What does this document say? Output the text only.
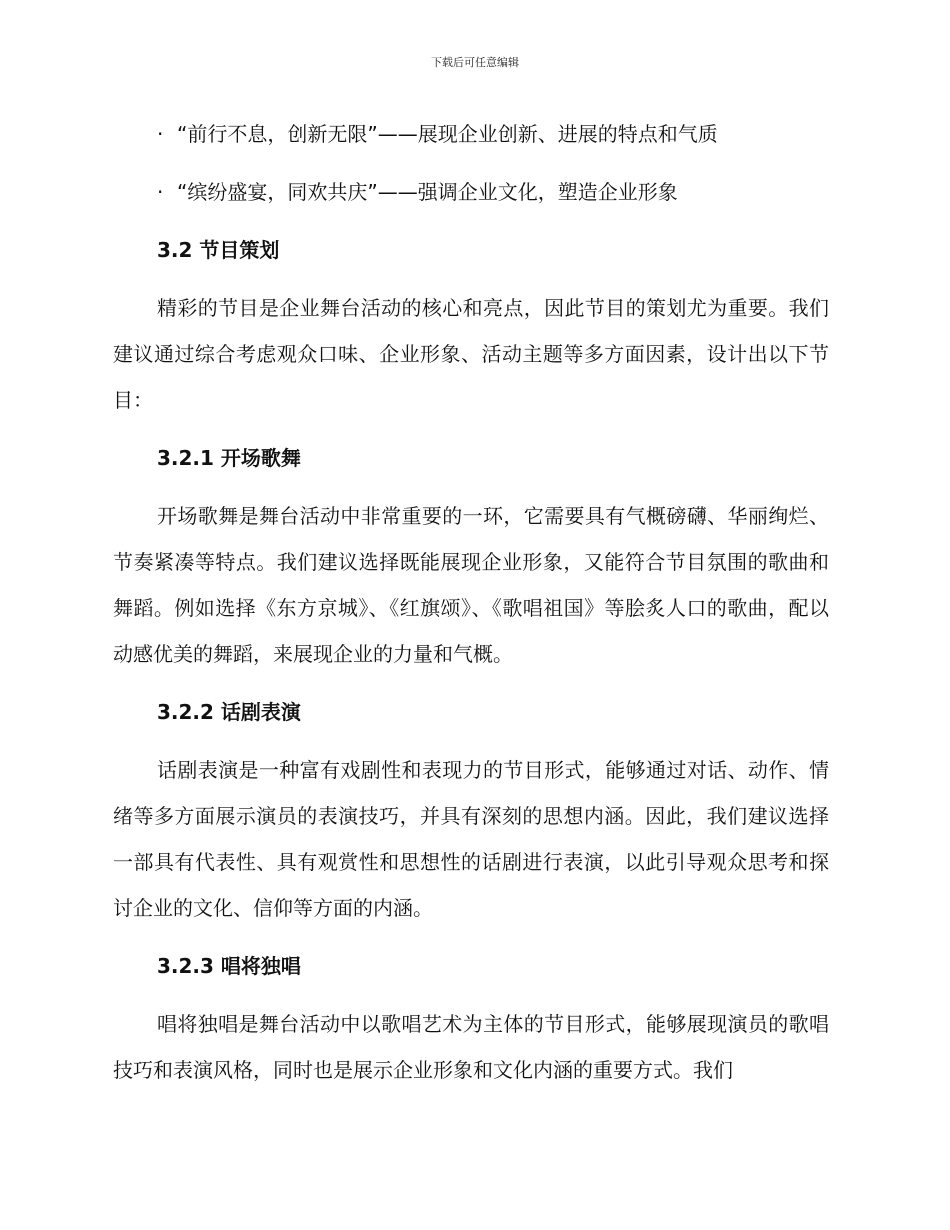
下载后可任意编辑
· “前行不息，创新无限”——展现企业创新、进展的特点和气质
· “缤纷盛宴，同欢共庆”——强调企业文化，塑造企业形象
3.2 节目策划

精彩的节目是企业舞台活动的核心和亮点，因此节目的策划尤为重要。我们建议通过综合考虑观众口味、企业形象、活动主题等多方面因素，设计出以下节目：

3.2.1 开场歌舞

开场歌舞是舞台活动中非常重要的一环，它需要具有气概磅礴、华丽绚烂、节奏紧凑等特点。我们建议选择既能展现企业形象，又能符合节目氛围的歌曲和舞蹈。例如选择《东方京城》、《红旗颂》、《歌唱祖国》等脍炙人口的歌曲，配以动感优美的舞蹈，来展现企业的力量和气概。

3.2.2 话剧表演

话剧表演是一种富有戏剧性和表现力的节目形式，能够通过对话、动作、情绪等多方面展示演员的表演技巧，并具有深刻的思想内涵。因此，我们建议选择一部具有代表性、具有观赏性和思想性的话剧进行表演，以此引导观众思考和探讨企业的文化、信仰等方面的内涵。

3.2.3 唱将独唱

唱将独唱是舞台活动中以歌唱艺术为主体的节目形式，能够展现演员的歌唱技巧和表演风格，同时也是展示企业形象和文化内涵的重要方式。我们
